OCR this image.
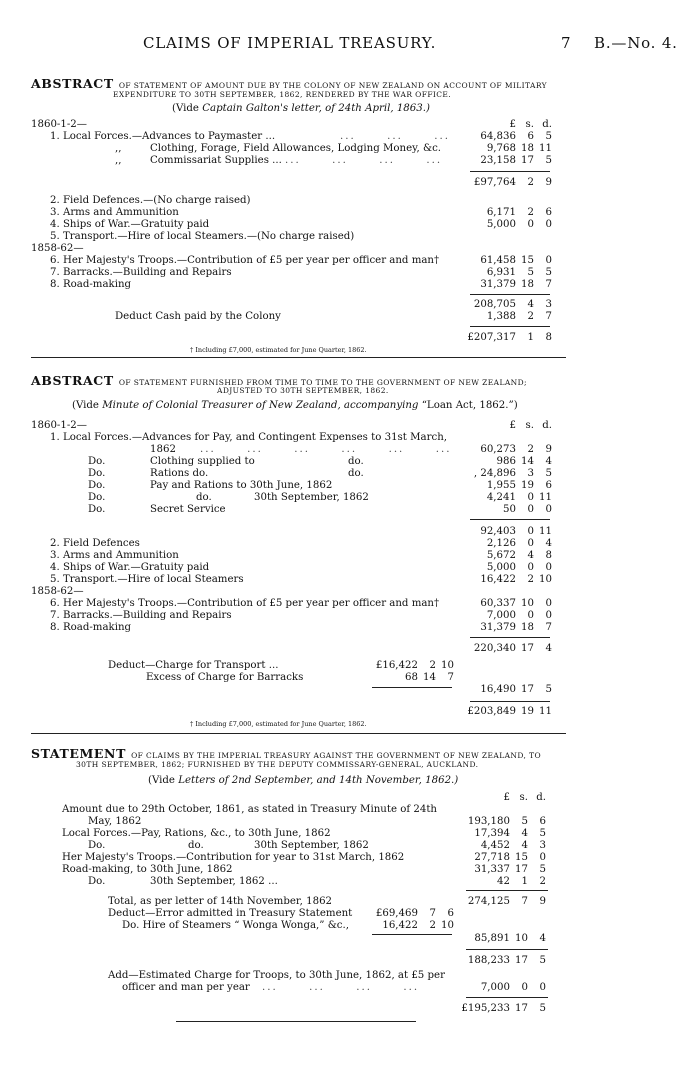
CLAIMS OF IMPERIAL TREASURY.	7 B.—No. 4.
ABSTRACT OF STATEMENT OF AMOUNT DUE BY THE COLONY OF NEW ZEALAND ON ACCOUNT OF MILITARY
EXPENDITURE TO 30TH SEPTEMBER, 1862, RENDERED BY THE WAR OFFICE.
(Vide Captain Galton's letter, of 24th April, 1863.)
£ s. d.
1860-1-2—
1. Local Forces.—Advances to Paymaster ...	...      ...      ...	64,836	6	5
,,	Clothing, Forage, Field Allowances, Lodging Money, &c.	9,768 18 11
,,	Commissariat Supplies ... ...      ...      ...      ...	23,158 17	5
£97,764	2	9
2. Field Defences.—(No charge raised)
3. Arms and Ammunition	6,171	2	6
4. Ships of War.—Gratuity paid	5,000	0	0
5. Transport.—Hire of local Steamers.—(No charge raised)
1858-62—
6. Her Majesty's Troops.—Contribution of £5 per year per officer and man†	61,458 15	0
7. Barracks.—Building and Repairs	6,931	5	5
8. Road-making	31,379 18	7
208,705	4	3
Deduct Cash paid by the Colony	1,388	2	7
£207,317	1	8
† Including £7,000, estimated for June Quarter, 1862.
ABSTRACT OF STATEMENT FURNISHED FROM TIME TO TIME TO THE GOVERNMENT OF NEW ZEALAND;
ADJUSTED TO 30TH SEPTEMBER, 1862.
(Vide Minute of Colonial Treasurer of New Zealand, accompanying “Loan Act, 1862.”)
1860-1-2—	£ s. d.
1. Local Forces.—Advances for Pay, and Contingent Expenses to 31st March,
1862 ...      ...      ...      ...      ...      ...	60,273	2	9
Do.	Clothing supplied to	do.	986 14	4
Do.	Rations do.	do.	, 24,896	3	5
Do.	Pay and Rations to 30th June, 1862	1,955 19	6
Do.	do.	30th September, 1862	4,241	0 11
Do.	Secret Service	50	0	0
92,403	0 11
2. Field Defences	2,126	0	4
3. Arms and Ammunition	5,672	4	8
4. Ships of War.—Gratuity paid	5,000	0	0
5. Transport.—Hire of local Steamers	16,422	2 10
1858-62—
6. Her Majesty's Troops.—Contribution of £5 per year per officer and man†	60,337 10	0
7. Barracks.—Building and Repairs	7,000	0	0
8. Road-making	31,379 18	7
220,340 17	4
Deduct—Charge for Transport ...	£16,422	2 10
Excess of Charge for Barracks	68 14	7
16,490 17	5
£203,849 19 11
† Including £7,000, estimated for June Quarter, 1862.
STATEMENT OF CLAIMS BY THE IMPERIAL TREASURY AGAINST THE GOVERNMENT OF NEW ZEALAND, TO
30TH SEPTEMBER, 1862; FURNISHED BY THE DEPUTY COMMISSARY-GENERAL, AUCKLAND.
(Vide Letters of 2nd September, and 14th November, 1862.)
£ s. d.
Amount due to 29th October, 1861, as stated in Treasury Minute of 24th
May, 1862	193,180	5	6
Local Forces.—Pay, Rations, &c., to 30th June, 1862	17,394	4	5
Do.	do.	30th September, 1862	4,452	4	3
Her Majesty's Troops.—Contribution for year to 31st March, 1862	27,718 15	0
Road-making, to 30th June, 1862	31,337 17	5
Do.	30th September, 1862 ...	42	1	2
Total, as per letter of 14th November, 1862	274,125	7	9
Deduct—Error admitted in Treasury Statement	£69,469	7	6
Do. Hire of Steamers “ Wonga Wonga,” &c.,	16,422	2 10
85,891 10	4
188,233 17	5
Add—Estimated Charge for Troops, to 30th June, 1862, at £5 per
officer and man per year ...      ...      ...      ...	7,000	0	0
£195,233 17	5
